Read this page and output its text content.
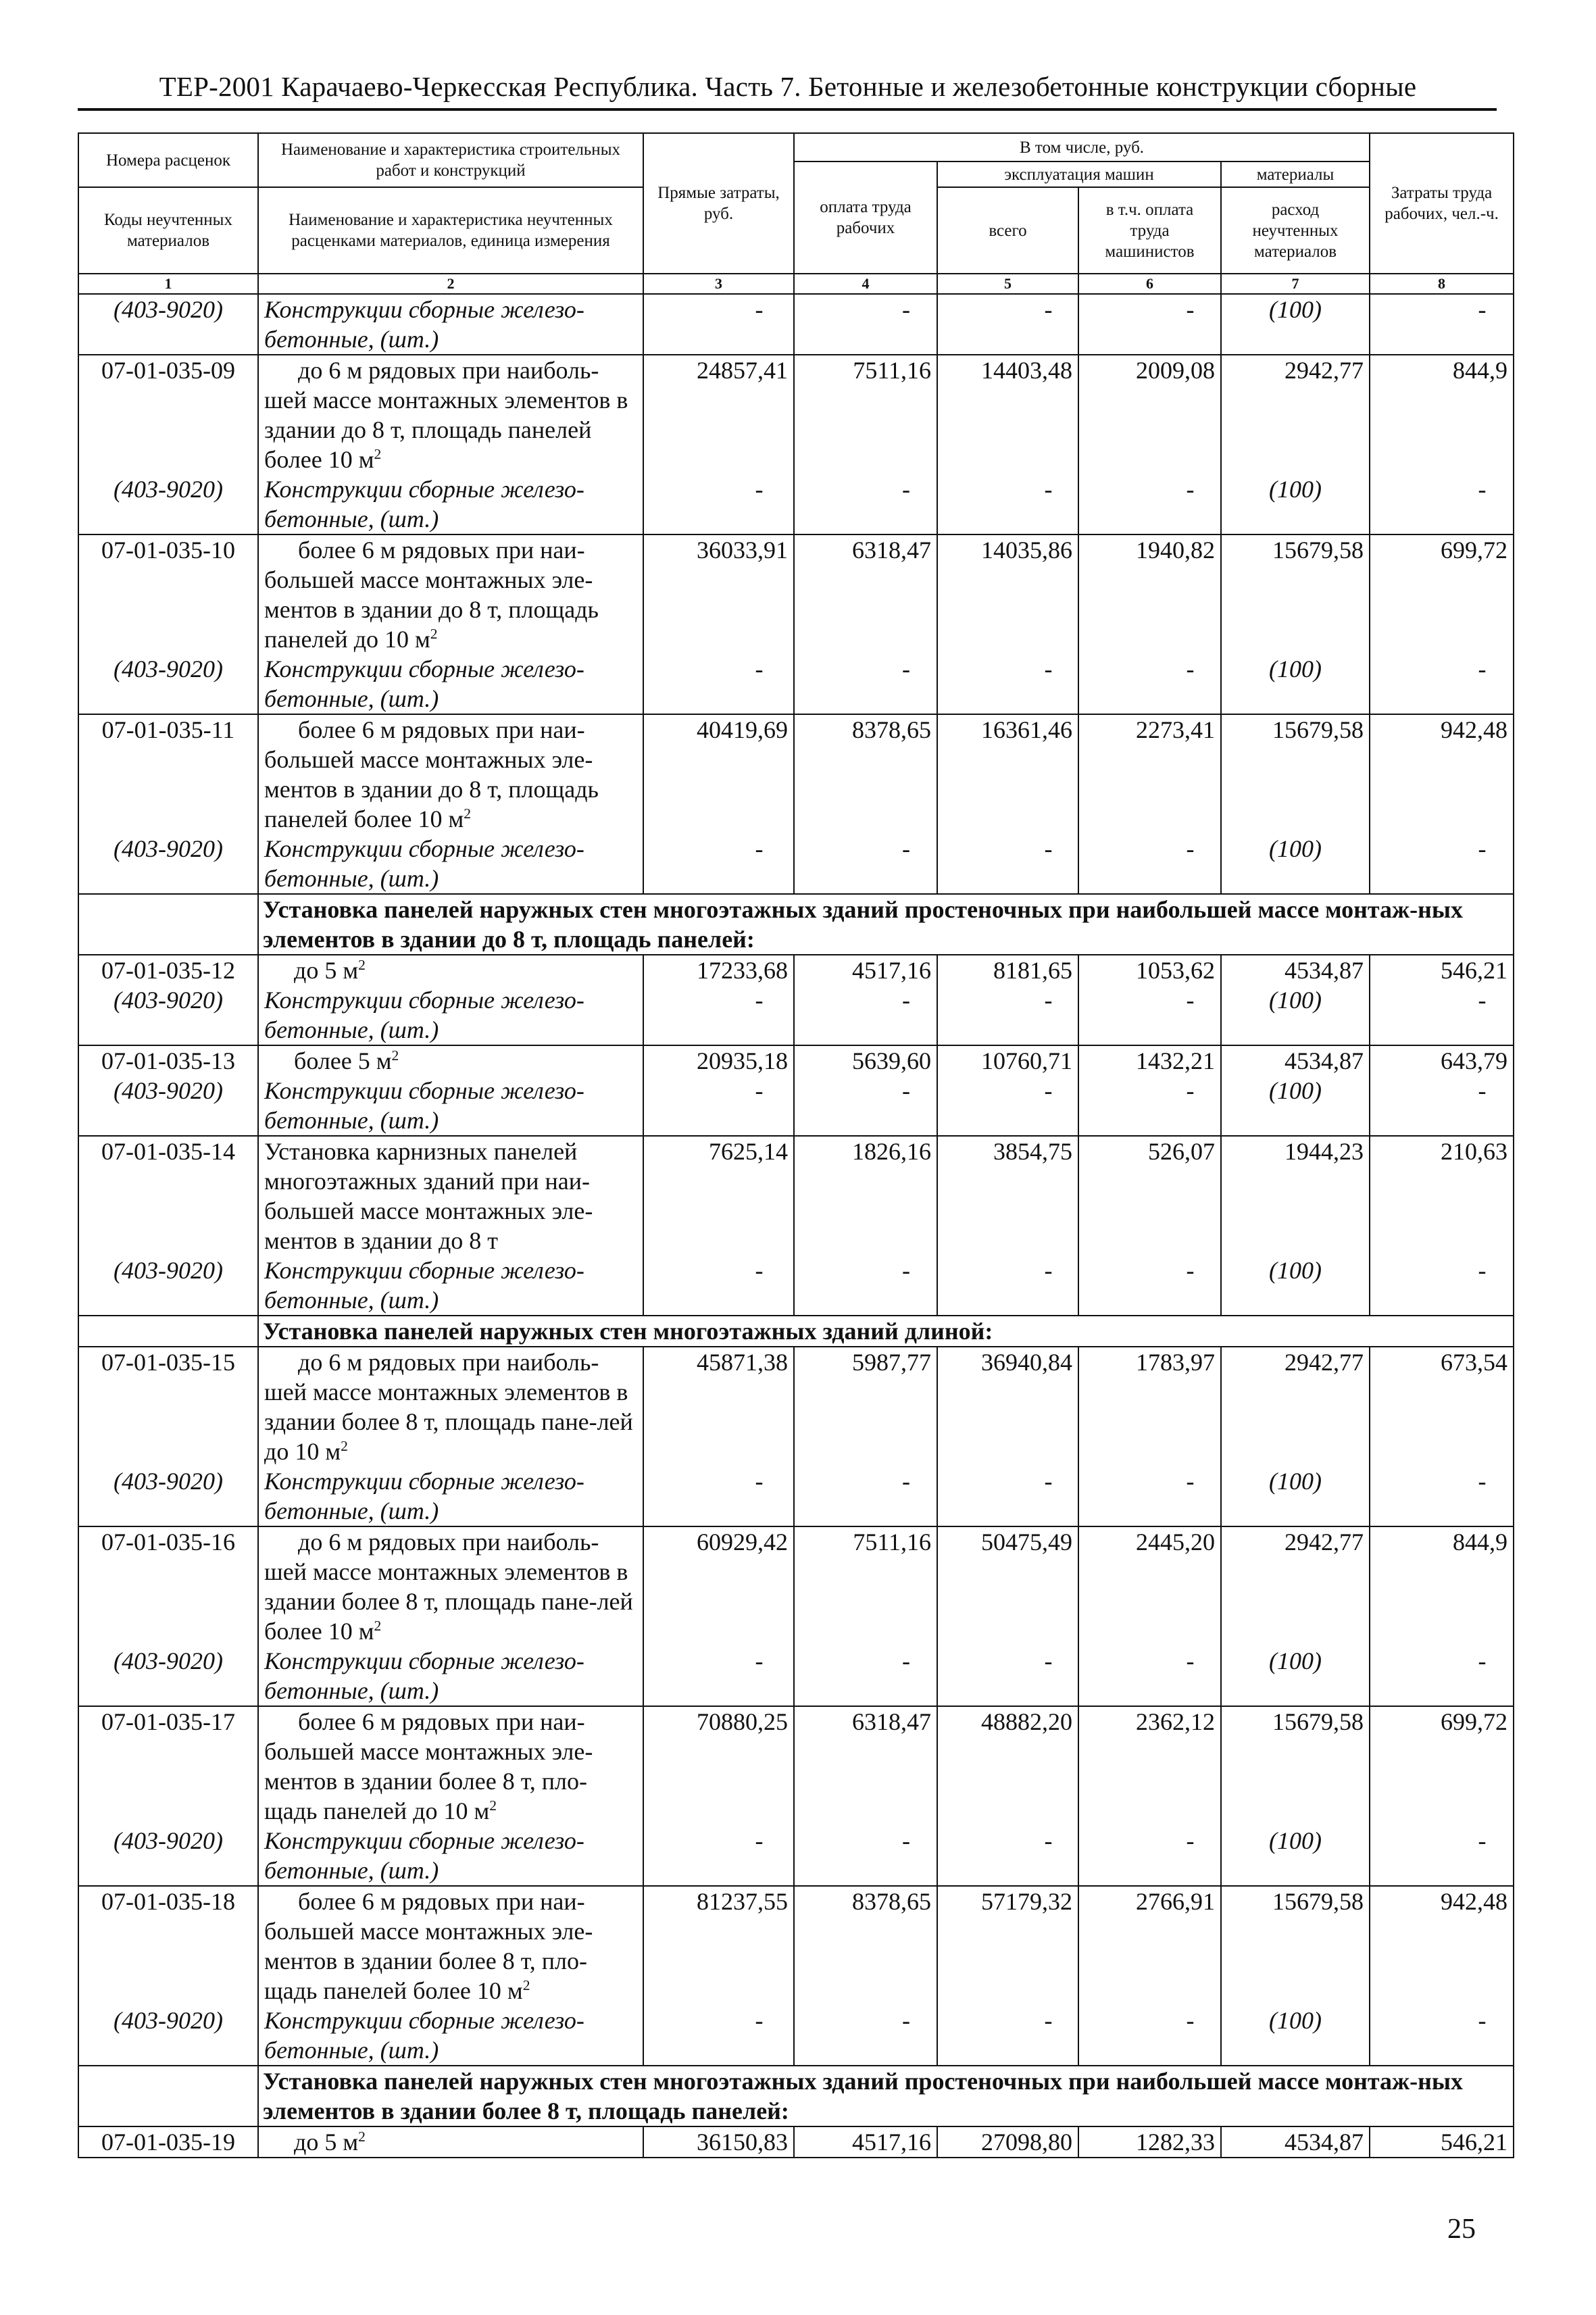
ТЕР-2001 Карачаево-Черкесская Республика. Часть 7. Бетонные и железобетонные конструкции сборные
Номера расценок	Наименование и характеристика строительных работ и конструкций	Прямые затраты, руб.	В том числе, руб.				Затраты труда рабочих, чел.-ч.
			оплата труда рабочих	эксплуатация машин		материалы	
Коды неучтенных материалов	Наименование и характеристика неучтенных расценками материалов, единица измерения			всего	в т.ч. оплата труда машинистов	расход неучтенных материалов	

1	2	3	4	5	6	7	8
(403-9020)	Конструкции сборные железо-бетонные, (шт.)	-	-	-	-	(100)	-
07-01-035-09	до 6 м рядовых при наиболь-шей массе монтажных элементов в здании до 8 т, площадь панелей более 10 $м^2$	24857,41	7511,16	14403,48	2009,08	2942,77	844,9
(403-9020)	Конструкции сборные железо-бетонные, (шт.)	-	-	-	-	(100)	-
07-01-035-10	более 6 м рядовых при наи-большей массе монтажных эле-ментов в здании до 8 т, площадь панелей до 10 $м^2$	36033,91	6318,47	14035,86	1940,82	15679,58	699,72
(403-9020)	Конструкции сборные железо-бетонные, (шт.)	-	-	-	-	(100)	-
07-01-035-11	более 6 м рядовых при наи-большей массе монтажных эле-ментов в здании до 8 т, площадь панелей более 10 $м^2$	40419,69	8378,65	16361,46	2273,41	15679,58	942,48
(403-9020)	Конструкции сборные железо-бетонные, (шт.)	-	-	-	-	(100)	-
	Установка панелей наружных стен многоэтажных зданий простеночных при наибольшей массе монтаж-ных элементов в здании до 8 т, площадь панелей:						
07-01-035-12	до 5 $м^2$	17233,68	4517,16	8181,65	1053,62	4534,87	546,21
(403-9020)	Конструкции сборные железо-бетонные, (шт.)	-	-	-	-	(100)	-
07-01-035-13	более 5 $м^2$	20935,18	5639,60	10760,71	1432,21	4534,87	643,79
(403-9020)	Конструкции сборные железо-бетонные, (шт.)	-	-	-	-	(100)	-
07-01-035-14	Установка карнизных панелей многоэтажных зданий при наи-большей массе монтажных эле-ментов в здании до 8 т	7625,14	1826,16	3854,75	526,07	1944,23	210,63
(403-9020)	Конструкции сборные железо-бетонные, (шт.)	-	-	-	-	(100)	-
	Установка панелей наружных стен многоэтажных зданий длиной:						
07-01-035-15	до 6 м рядовых при наиболь-шей массе монтажных элементов в здании более 8 т, площадь пане-лей до 10 $м^2$	45871,38	5987,77	36940,84	1783,97	2942,77	673,54
(403-9020)	Конструкции сборные железо-бетонные, (шт.)	-	-	-	-	(100)	-
07-01-035-16	до 6 м рядовых при наиболь-шей массе монтажных элементов в здании более 8 т, площадь пане-лей более 10 $м^2$	60929,42	7511,16	50475,49	2445,20	2942,77	844,9
(403-9020)	Конструкции сборные железо-бетонные, (шт.)	-	-	-	-	(100)	-
07-01-035-17	более 6 м рядовых при наи-большей массе монтажных эле-ментов в здании более 8 т, пло-щадь панелей до 10 $м^2$	70880,25	6318,47	48882,20	2362,12	15679,58	699,72
(403-9020)	Конструкции сборные железо-бетонные, (шт.)	-	-	-	-	(100)	-
07-01-035-18	более 6 м рядовых при наи-большей массе монтажных эле-ментов в здании более 8 т, пло-щадь панелей более 10 $м^2$	81237,55	8378,65	57179,32	2766,91	15679,58	942,48
(403-9020)	Конструкции сборные железо-бетонные, (шт.)	-	-	-	-	(100)	-
	Установка панелей наружных стен многоэтажных зданий простеночных при наибольшей массе монтаж-ных элементов в здании более 8 т, площадь панелей:						
07-01-035-19	до 5 $м^2$	36150,83	4517,16	27098,80	1282,33	4534,87	546,21
25
